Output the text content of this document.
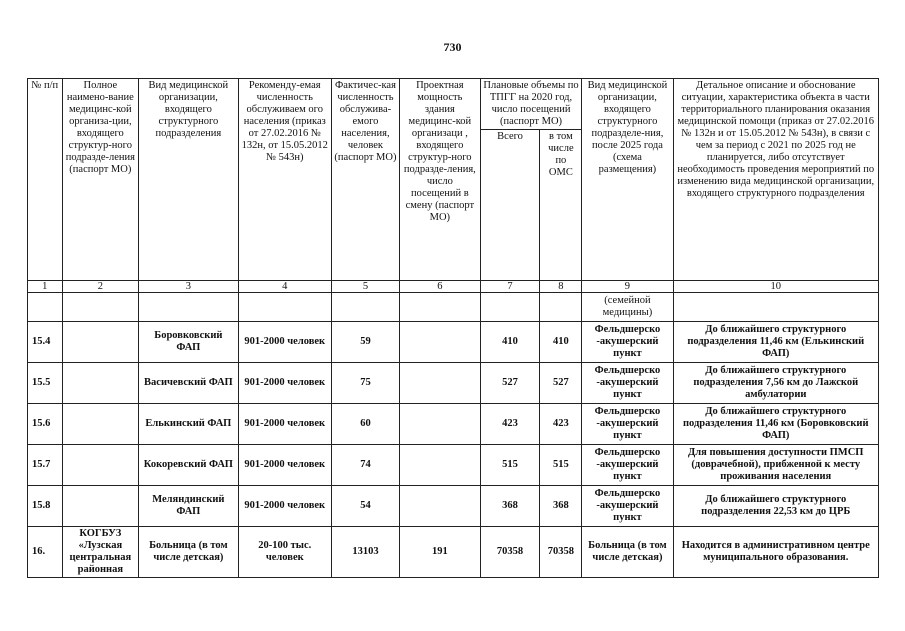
730
№ п/п	Полное наимено-вание медицинс-кой организа-ции, входящего структур-ного подразде-ления (паспорт МО)	Вид медицинской организации, входящего структурного подразделения	Рекоменду-емая численность обслуживаем ого населения (приказ от 27.02.2016 № 132н, от 15.05.2012 № 543н)	Фактичес-кая численность обслужива-емого населения, человек (паспорт МО)	Проектная мощность здания медицинс-кой организаци , входящего структур-ного подразде-ления, число посещений в смену (паспорт МО)	Плановые объемы по ТПГГ на 2020 год, число посещений (паспорт МО)		Вид медицинской организации, входящего структурного подразделе-ния, после 2025 года (схема размещения)	Детальное описание и обоснование ситуации, характеристика объекта в части территориального планирования оказания медицинской помощи (приказ от 27.02.2016 № 132н и от 15.05.2012 № 543н), в связи с чем за период с 2021 по 2025 год не планируется, либо отсутствует необходимость проведения мероприятий по изменению вида медицинской организации, входящего структурного подразделения
						Всего	в том числе по ОМС		
1	2	3	4	5	6	7	8	9	10
								(семейной медицины)	
15.4		Боровковский ФАП	901-2000 человек	59		410	410	Фельдшерско -акушерский пункт	До ближайшего структурного подразделения 11,46 км (Елькинский ФАП)
15.5		Васичевский ФАП	901-2000 человек	75		527	527	Фельдшерско -акушерский пункт	До ближайшего структурного подразделения 7,56 км до Лажской амбулатории
15.6		Елькинский ФАП	901-2000 человек	60		423	423	Фельдшерско -акушерский пункт	До ближайшего структурного подразделения 11,46 км (Боровковский ФАП)
15.7		Кокоревский ФАП	901-2000 человек	74		515	515	Фельдшерско -акушерский пункт	Для повышения доступности ПМСП (доврачебной), прибженной к месту проживания населения
15.8		Меляндинский ФАП	901-2000 человек	54		368	368	Фельдшерско -акушерский пункт	До ближайшего структурного подразделения 22,53 км до ЦРБ
16.	КОГБУЗ «Лузская центральная районная	Больница (в том числе детская)	20-100 тыс. человек	13103	191	70358	70358	Больница (в том числе детская)	Находится в административном центре муниципального образования.
